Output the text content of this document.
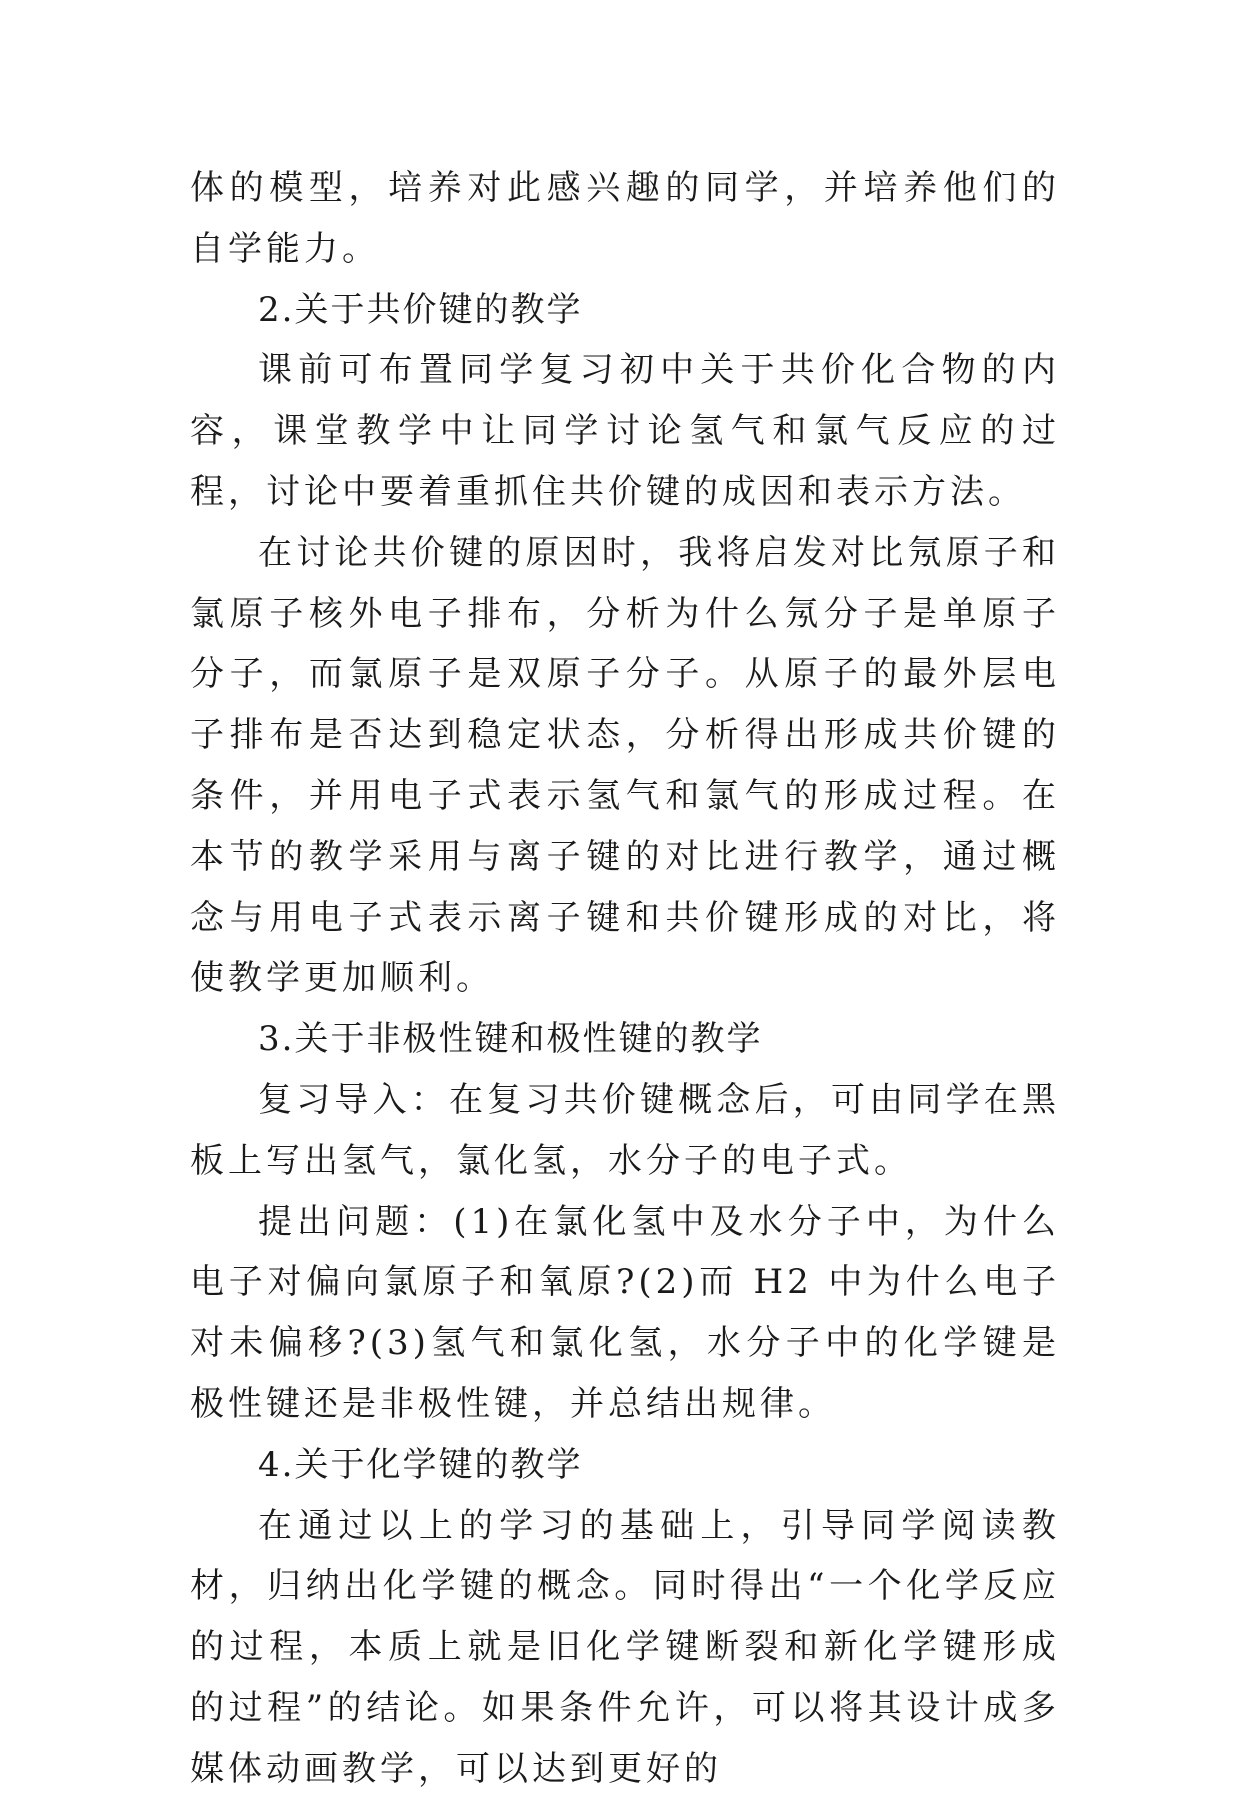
体的模型，培养对此感兴趣的同学，并培养他们的自学能力。

2.关于共价键的教学

课前可布置同学复习初中关于共价化合物的内容，课堂教学中让同学讨论氢气和氯气反应的过程，讨论中要着重抓住共价键的成因和表示方法。

在讨论共价键的原因时，我将启发对比氖原子和氯原子核外电子排布，分析为什么氖分子是单原子分子，而氯原子是双原子分子。从原子的最外层电子排布是否达到稳定状态，分析得出形成共价键的条件，并用电子式表示氢气和氯气的形成过程。在本节的教学采用与离子键的对比进行教学，通过概念与用电子式表示离子键和共价键形成的对比，将使教学更加顺利。

3.关于非极性键和极性键的教学

复习导入：在复习共价键概念后，可由同学在黑板上写出氢气，氯化氢，水分子的电子式。

提出问题：(1)在氯化氢中及水分子中，为什么电子对偏向氯原子和氧原?(2)而 H2 中为什么电子对未偏移?(3)氢气和氯化氢，水分子中的化学键是极性键还是非极性键，并总结出规律。

4.关于化学键的教学

在通过以上的学习的基础上，引导同学阅读教材，归纳出化学键的概念。同时得出“一个化学反应的过程，本质上就是旧化学键断裂和新化学键形成的过程”的结论。如果条件允许，可以将其设计成多媒体动画教学，可以达到更好的
